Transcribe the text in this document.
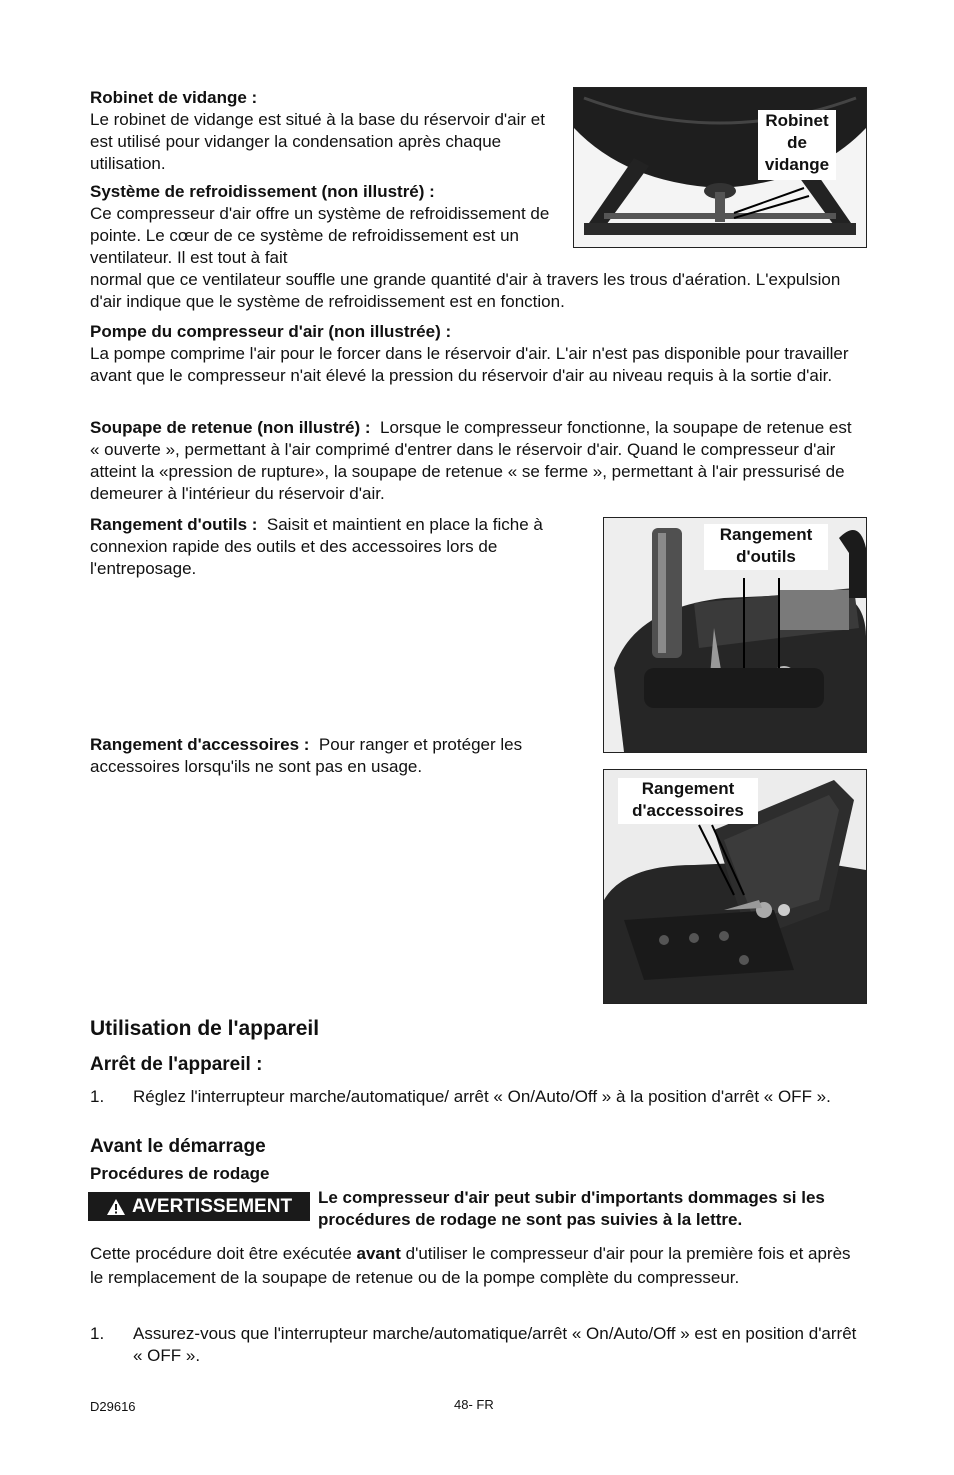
Robinet de vidange :

Le robinet de vidange est situé à la base du réservoir d'air et est utilisé pour vidanger la condensation après chaque utilisation.

Robinet
de
vidange

Système de refroidissement (non illustré) :

Ce compresseur d'air offre un système de refroidissement de pointe. Le cœur de ce système de refroidissement est un ventilateur. Il est tout à fait

normal que ce ventilateur souffle une grande quantité d'air à travers les trous d'aération. L'expulsion d'air indique que le système de refroidissement est en fonction.

Pompe du compresseur d'air (non illustrée) :

La pompe comprime l'air pour le forcer dans le réservoir d'air. L'air n'est pas disponible pour travailler avant que le compresseur n'ait élevé la pression du réservoir d'air au niveau requis à la sortie d'air.

Soupape de retenue (non illustré) : Lorsque le compresseur fonctionne, la soupape de retenue est « ouverte », permettant à l'air comprimé d'entrer dans le réservoir d'air. Quand le compresseur d'air atteint la «pression de rupture», la soupape de retenue « se ferme », permettant à l'air pressurisé de demeurer à l'intérieur du réservoir d'air.

Rangement d'outils : Saisit et maintient en place la fiche à connexion rapide des outils et des accessoires lors de l'entreposage.

Rangement
d'outils

Rangement d'accessoires : Pour ranger et protéger les accessoires lorsqu'ils ne sont pas en usage.

Rangement
d'accessoires
Utilisation de l'appareil
Arrêt de l'appareil :
1.	Réglez l'interrupteur marche/automatique/ arrêt « On/Auto/Off » à la position d'arrêt « OFF ».
Avant le démarrage
Procédures de rodage
AVERTISSEMENT Le compresseur d'air peut subir d'importants dommages si les procédures de rodage ne sont pas suivies à la lettre.
Cette procédure doit être exécutée avant d'utiliser le compresseur d'air pour la première fois et après le remplacement de la soupape de retenue ou de la pompe complète du compresseur.
1.	Assurez-vous que l'interrupteur marche/automatique/arrêt « On/Auto/Off » est en position d'arrêt « OFF ».
D29616	48- FR
